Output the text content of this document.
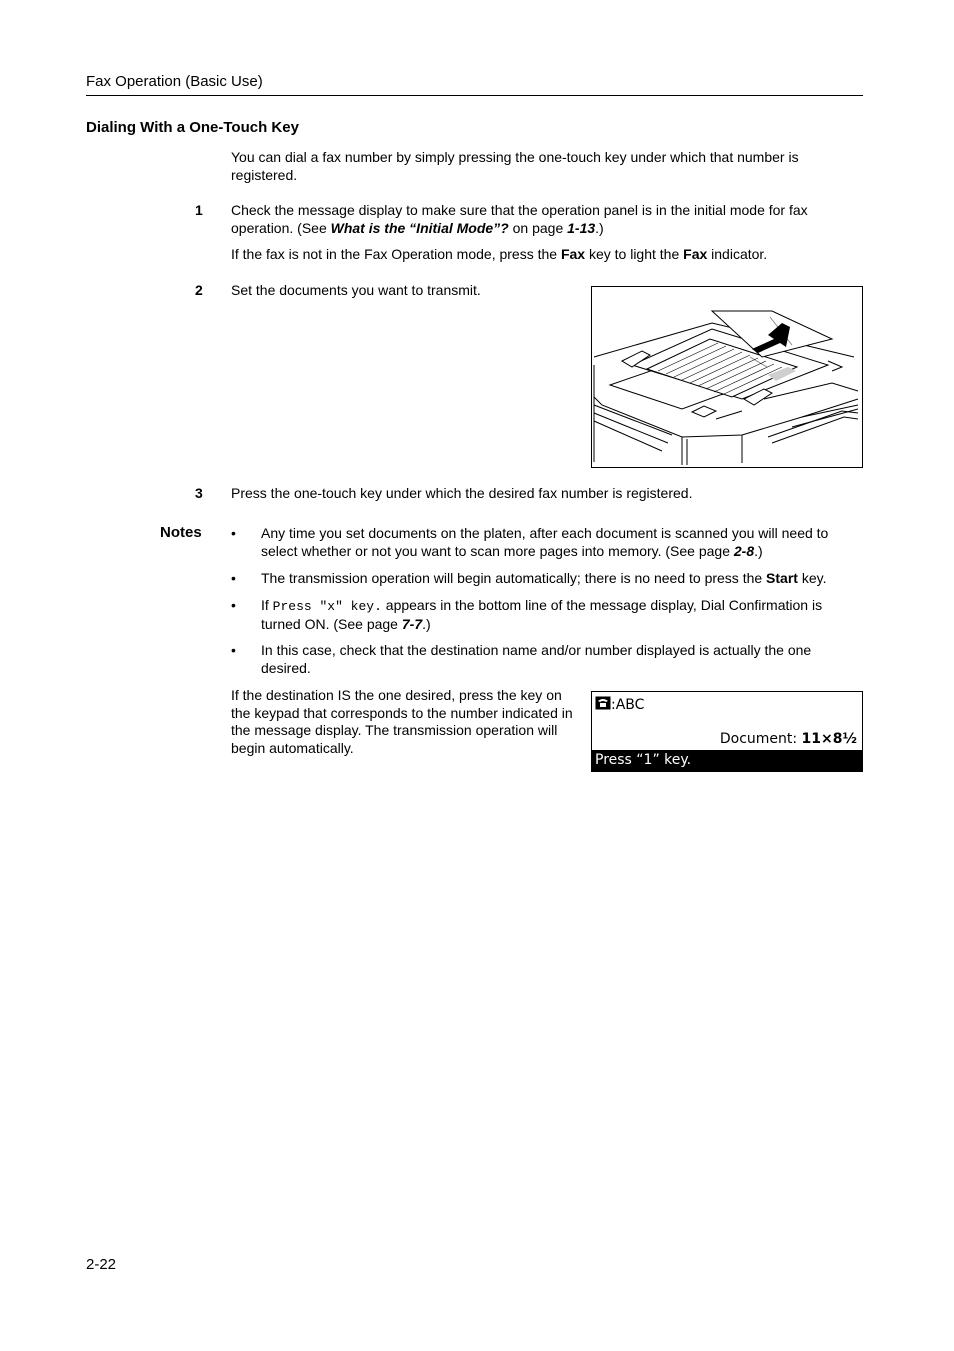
Fax Operation (Basic Use)
Dialing With a One-Touch Key
You can dial a fax number by simply pressing the one-touch key under which that number is registered.
1 Check the message display to make sure that the operation panel is in the initial mode for fax operation. (See What is the “Initial Mode”? on page 1-13.)
If the fax is not in the Fax Operation mode, press the Fax key to light the Fax indicator.
2 Set the documents you want to transmit.
3 Press the one-touch key under which the desired fax number is registered.
Notes • Any time you set documents on the platen, after each document is scanned you will need to select whether or not you want to scan more pages into memory. (See page 2-8.)
• The transmission operation will begin automatically; there is no need to press the Start key.
• If Press "x" key. appears in the bottom line of the message display, Dial Confirmation is turned ON. (See page 7-7.)
• In this case, check that the destination name and/or number displayed is actually the one desired.
If the destination IS the one desired, press the key on the keypad that corresponds to the number indicated in the message display. The transmission operation will begin automatically.
:ABC
Document: 11×8½
Press “1” key.
2-22
